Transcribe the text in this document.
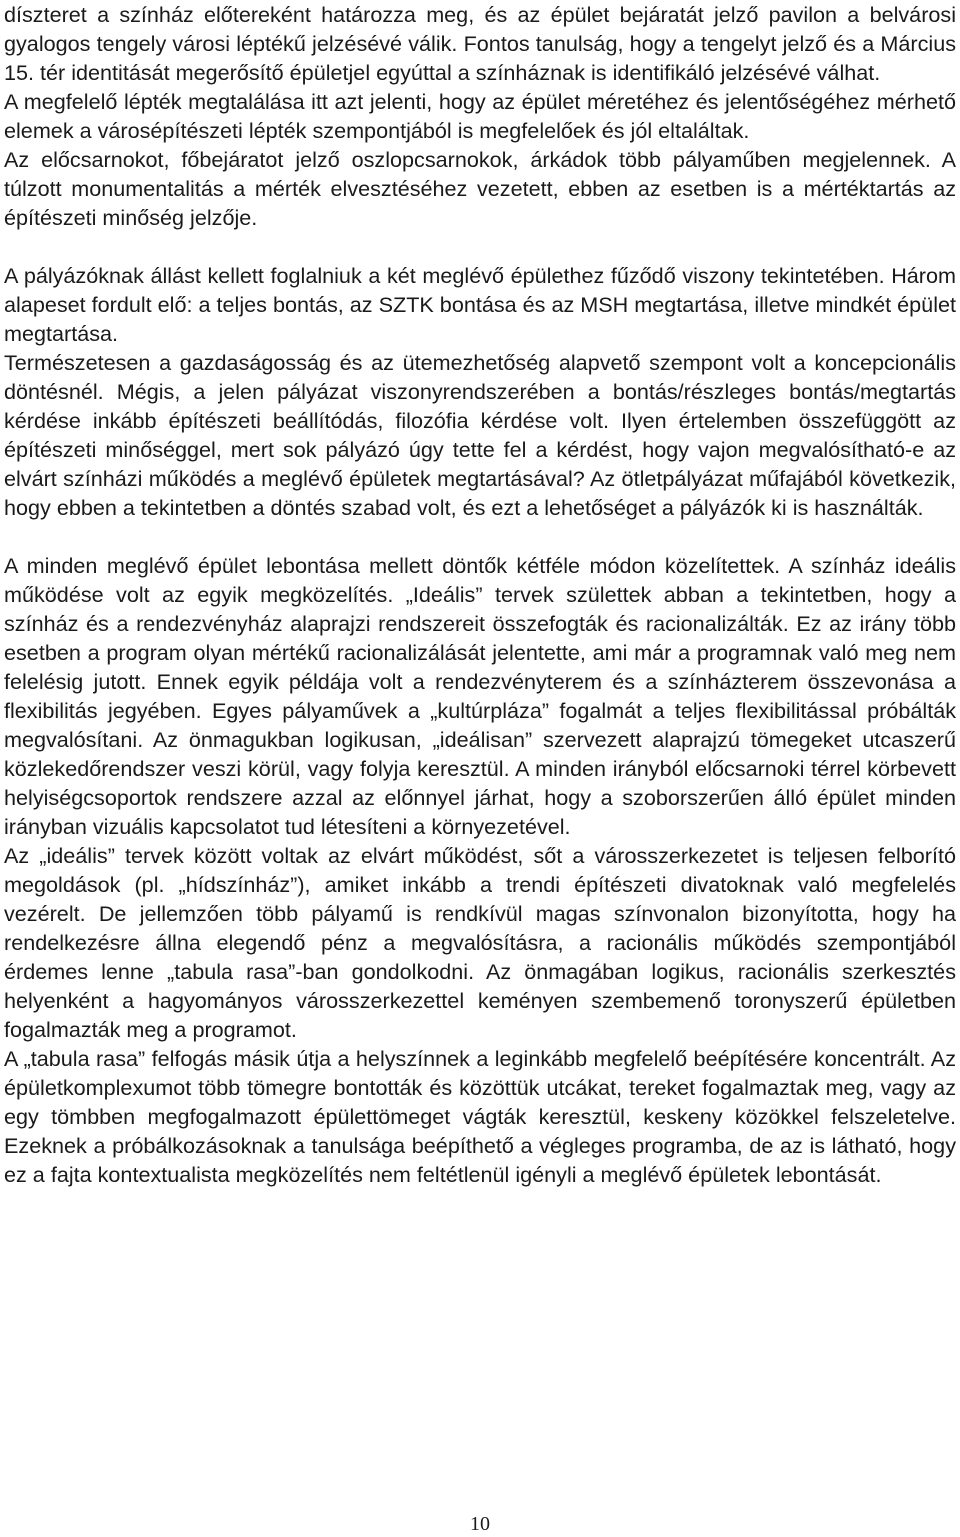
díszteret a színház előtereként határozza meg, és az épület bejáratát jelző pavilon a belvárosi gyalogos tengely városi léptékű jelzésévé válik. Fontos tanulság, hogy a tengelyt jelző és a Március 15. tér identitását megerősítő épületjel egyúttal a színháznak is identifikáló jelzésévé válhat.

A megfelelő lépték megtalálása itt azt jelenti, hogy az épület méretéhez és jelentőségéhez mérhető elemek a városépítészeti lépték szempontjából is megfelelőek és jól eltaláltak.

Az előcsarnokot, főbejáratot jelző oszlopcsarnokok, árkádok több pályaműben megjelennek. A túlzott monumentalitás a mérték elvesztéséhez vezetett, ebben az esetben is a mértéktartás az építészeti minőség jelzője.

A pályázóknak állást kellett foglalniuk a két meglévő épülethez fűződő viszony tekintetében. Három alapeset fordult elő: a teljes bontás, az SZTK bontása és az MSH megtartása, illetve mindkét épület megtartása.

Természetesen a gazdaságosság és az ütemezhetőség alapvető szempont volt a koncepcionális döntésnél. Mégis, a jelen pályázat viszonyrendszerében a bontás/részleges bontás/megtartás kérdése inkább építészeti beállítódás, filozófia kérdése volt. Ilyen értelemben összefüggött az építészeti minőséggel, mert sok pályázó úgy tette fel a kérdést, hogy vajon megvalósítható-e az elvárt színházi működés a meglévő épületek megtartásával? Az ötletpályázat műfajából következik, hogy ebben a tekintetben a döntés szabad volt, és ezt a lehetőséget a pályázók ki is használták.

A minden meglévő épület lebontása mellett döntők kétféle módon közelítettek. A színház ideális működése volt az egyik megközelítés. „Ideális” tervek születtek abban a tekintetben, hogy a színház és a rendezvényház alaprajzi rendszereit összefogták és racionalizálták. Ez az irány több esetben a program olyan mértékű racionalizálását jelentette, ami már a programnak való meg nem felelésig jutott. Ennek egyik példája volt a rendezvényterem és a színházterem összevonása a flexibilitás jegyében. Egyes pályaművek a „kultúrpláza” fogalmát a teljes flexibilitással próbálták megvalósítani. Az önmagukban logikusan, „ideálisan” szervezett alaprajzú tömegeket utcaszerű közlekedőrendszer veszi körül, vagy folyja keresztül. A minden irányból előcsarnoki térrel körbevett helyiségcsoportok rendszere azzal az előnnyel járhat, hogy a szoborszerűen álló épület minden irányban vizuális kapcsolatot tud létesíteni a környezetével.

Az „ideális” tervek között voltak az elvárt működést, sőt a városszerkezetet is teljesen felborító megoldások (pl. „hídszínház”), amiket inkább a trendi építészeti divatoknak való megfelelés vezérelt. De jellemzően több pályamű is rendkívül magas színvonalon bizonyította, hogy ha rendelkezésre állna elegendő pénz a megvalósításra, a racionális működés szempontjából érdemes lenne „tabula rasa”-ban gondolkodni. Az önmagában logikus, racionális szerkesztés helyenként a hagyományos városszerkezettel keményen szembemenő toronyszerű épületben fogalmazták meg a programot.

A „tabula rasa” felfogás másik útja a helyszínnek a leginkább megfelelő beépítésére koncentrált. Az épületkomplexumot több tömegre bontották és közöttük utcákat, tereket fogalmaztak meg, vagy az egy tömbben megfogalmazott épülettömeget vágták keresztül, keskeny közökkel felszeletelve. Ezeknek a próbálkozásoknak a tanulsága beépíthető a végleges programba, de az is látható, hogy ez a fajta kontextualista megközelítés nem feltétlenül igényli a meglévő épületek lebontását.

10
